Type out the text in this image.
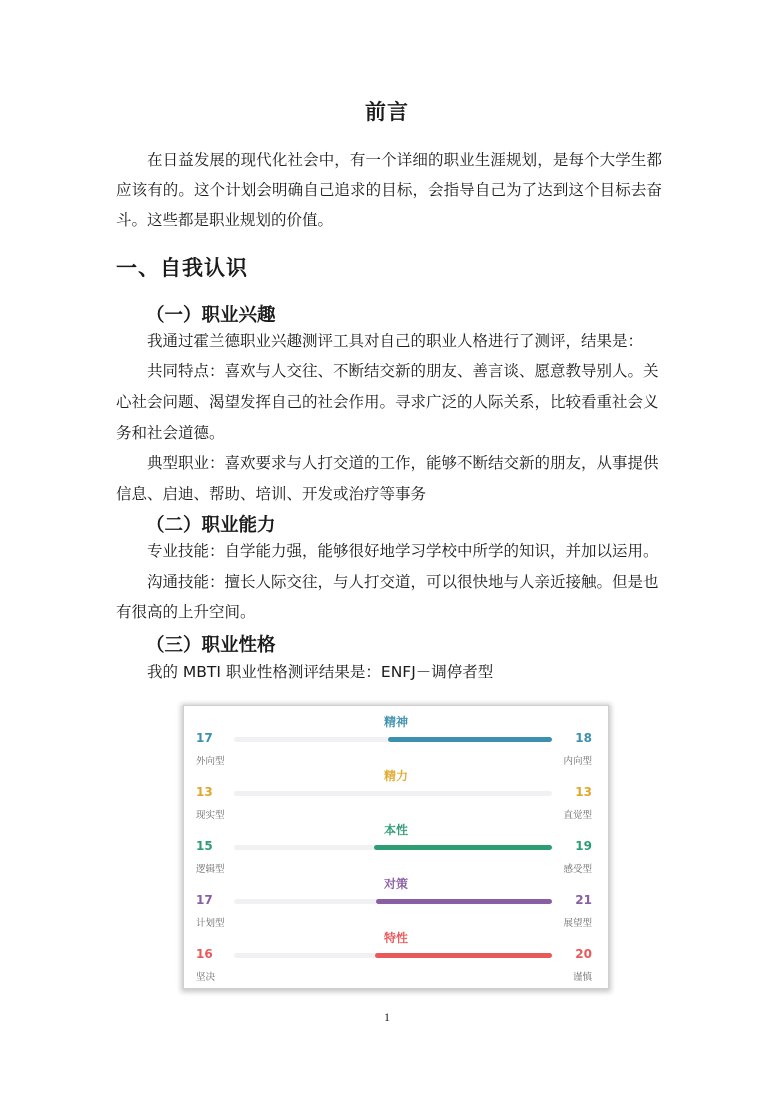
前言

在日益发展的现代化社会中，有一个详细的职业生涯规划，是每个大学生都应该有的。这个计划会明确自己追求的目标，会指导自己为了达到这个目标去奋斗。这些都是职业规划的价值。

一、自我认识
（一）职业兴趣
我通过霍兰德职业兴趣测评工具对自己的职业人格进行了测评，结果是：
共同特点：喜欢与人交往、不断结交新的朋友、善言谈、愿意教导别人。关
心社会问题、渴望发挥自己的社会作用。寻求广泛的人际关系，比较看重社会义
务和社会道德。
典型职业：喜欢要求与人打交道的工作，能够不断结交新的朋友，从事提供
信息、启迪、帮助、培训、开发或治疗等事务
（二）职业能力
专业技能：自学能力强，能够很好地学习学校中所学的知识，并加以运用。
沟通技能：擅长人际交往，与人打交道，可以很快地与人亲近接触。但是也
有很高的上升空间。
（三）职业性格
我的 MBTI 职业性格测评结果是：ENFJ－调停者型
精神
17	18
外向型	内向型
精力
13	13
现实型	直觉型
本性
15	19
逻辑型	感受型
对策
17	21
计划型	展望型
特性
16	20
坚决	谨慎
1
